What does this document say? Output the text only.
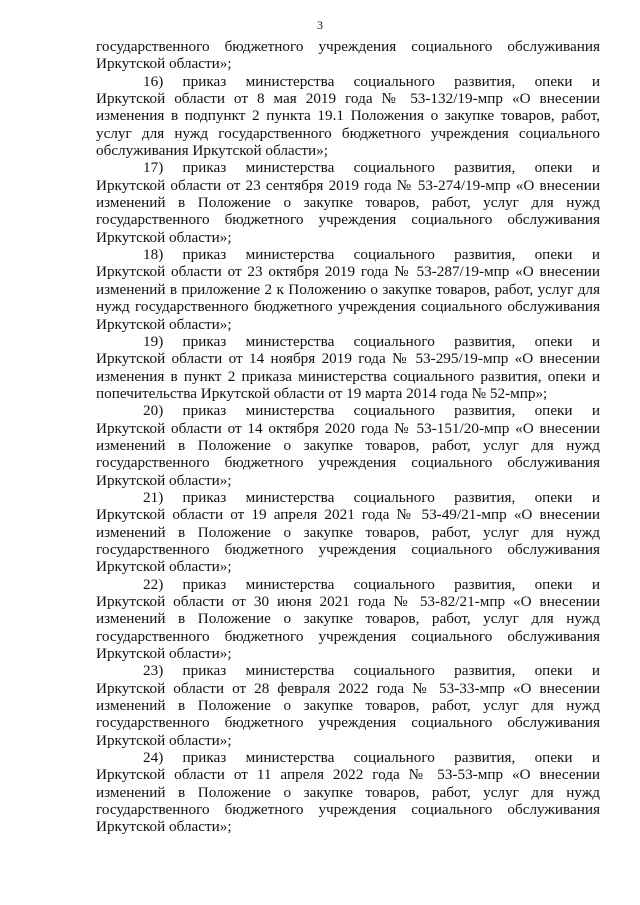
3
государственного бюджетного учреждения социального обслуживания
Иркутской области»;
16) приказ министерства социального развития, опеки и
Иркутской области от 8 мая 2019 года № 53-132/19-мпр «О внесении
изменения в подпункт 2 пункта 19.1 Положения о закупке товаров, работ,
услуг для нужд государственного бюджетного учреждения социального
обслуживания Иркутской области»;
17) приказ министерства социального развития, опеки и
Иркутской области от 23 сентября 2019 года № 53-274/19-мпр «О внесении
изменений в Положение о закупке товаров, работ, услуг для нужд
государственного бюджетного учреждения социального обслуживания
Иркутской области»;
18) приказ министерства социального развития, опеки и
Иркутской области от 23 октября 2019 года № 53-287/19-мпр «О внесении
изменений в приложение 2 к Положению о закупке товаров, работ, услуг для
нужд государственного бюджетного учреждения социального обслуживания
Иркутской области»;
19) приказ министерства социального развития, опеки и
Иркутской области от 14 ноября 2019 года № 53-295/19-мпр «О внесении
изменения в пункт 2 приказа министерства социального развития, опеки и
попечительства Иркутской области от 19 марта 2014 года № 52-мпр»;
20) приказ министерства социального развития, опеки и
Иркутской области от 14 октября 2020 года № 53-151/20-мпр «О внесении
изменений в Положение о закупке товаров, работ, услуг для нужд
государственного бюджетного учреждения социального обслуживания
Иркутской области»;
21) приказ министерства социального развития, опеки и
Иркутской области от 19 апреля 2021 года № 53-49/21-мпр «О внесении
изменений в Положение о закупке товаров, работ, услуг для нужд
государственного бюджетного учреждения социального обслуживания
Иркутской области»;
22) приказ министерства социального развития, опеки и
Иркутской области от 30 июня 2021 года № 53-82/21-мпр «О внесении
изменений в Положение о закупке товаров, работ, услуг для нужд
государственного бюджетного учреждения социального обслуживания
Иркутской области»;
23) приказ министерства социального развития, опеки и
Иркутской области от 28 февраля 2022 года № 53-33-мпр «О внесении
изменений в Положение о закупке товаров, работ, услуг для нужд
государственного бюджетного учреждения социального обслуживания
Иркутской области»;
24) приказ министерства социального развития, опеки и
Иркутской области от 11 апреля 2022 года № 53-53-мпр «О внесении
изменений в Положение о закупке товаров, работ, услуг для нужд
государственного бюджетного учреждения социального обслуживания
Иркутской области»;
